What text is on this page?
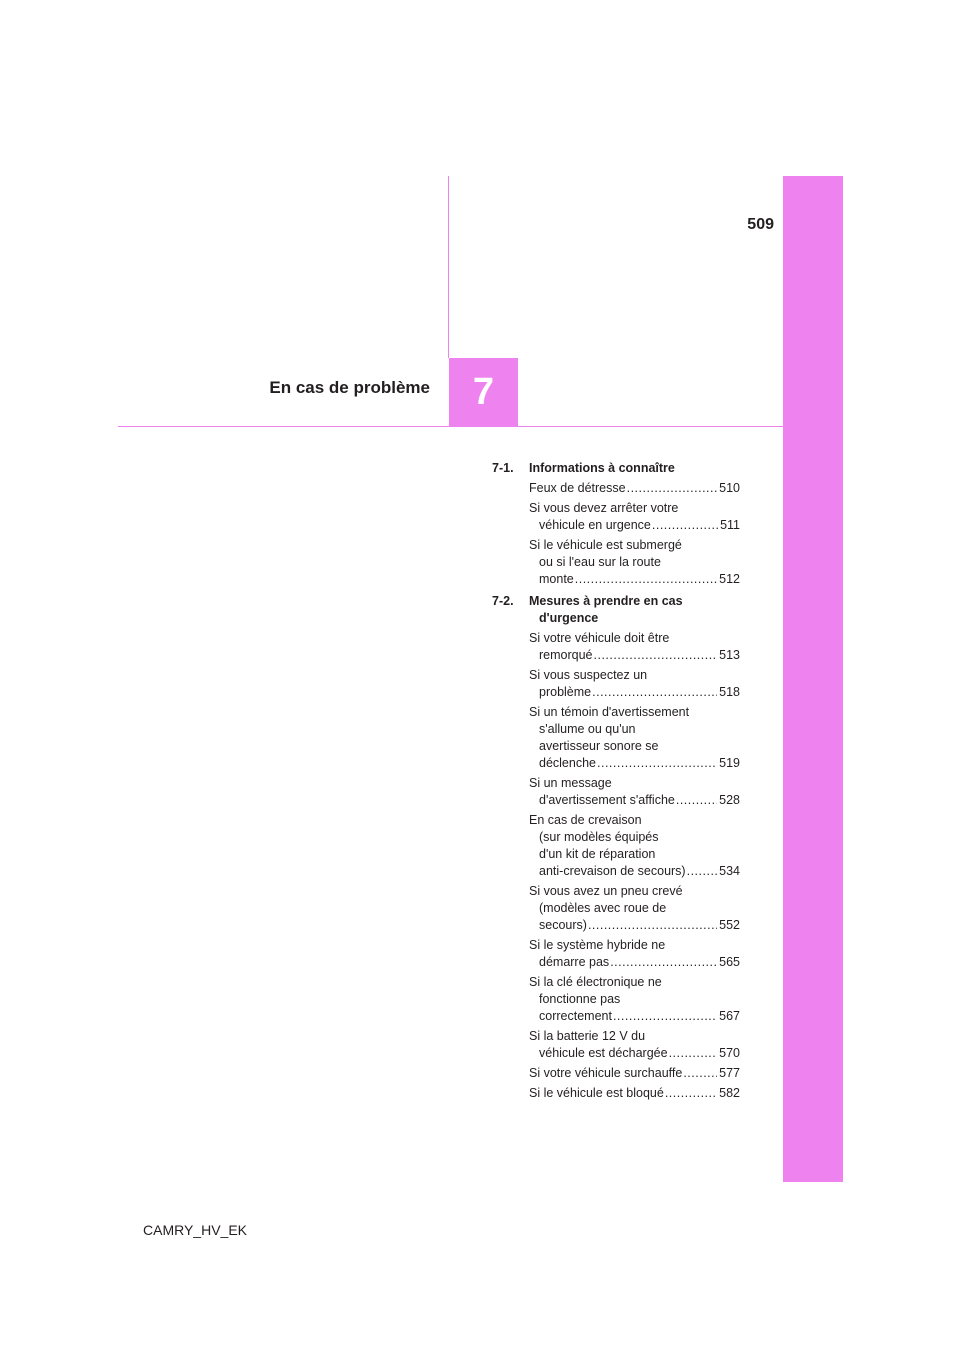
509
En cas de problème	7
7-1.	Informations à connaître
Feux de détresse .....	510
Si vous devez arrêter votre
véhicule en urgence .....	511
Si le véhicule est submergé
ou si l'eau sur la route
monte .....	512
7-2.	Mesures à prendre en cas
d'urgence
Si votre véhicule doit être
remorqué .....	513
Si vous suspectez un
problème .....	518
Si un témoin d'avertissement
s'allume ou qu'un
avertisseur sonore se
déclenche .....	519
Si un message
d'avertissement s'affiche .....	528
En cas de crevaison
(sur modèles équipés
d'un kit de réparation
anti-crevaison de secours) .....	534
Si vous avez un pneu crevé
(modèles avec roue de
secours) .....	552
Si le système hybride ne
démarre pas .....	565
Si la clé électronique ne
fonctionne pas
correctement .....	567
Si la batterie 12 V du
véhicule est déchargée .....	570
Si votre véhicule surchauffe .....	577
Si le véhicule est bloqué .....	582
CAMRY_HV_EK
